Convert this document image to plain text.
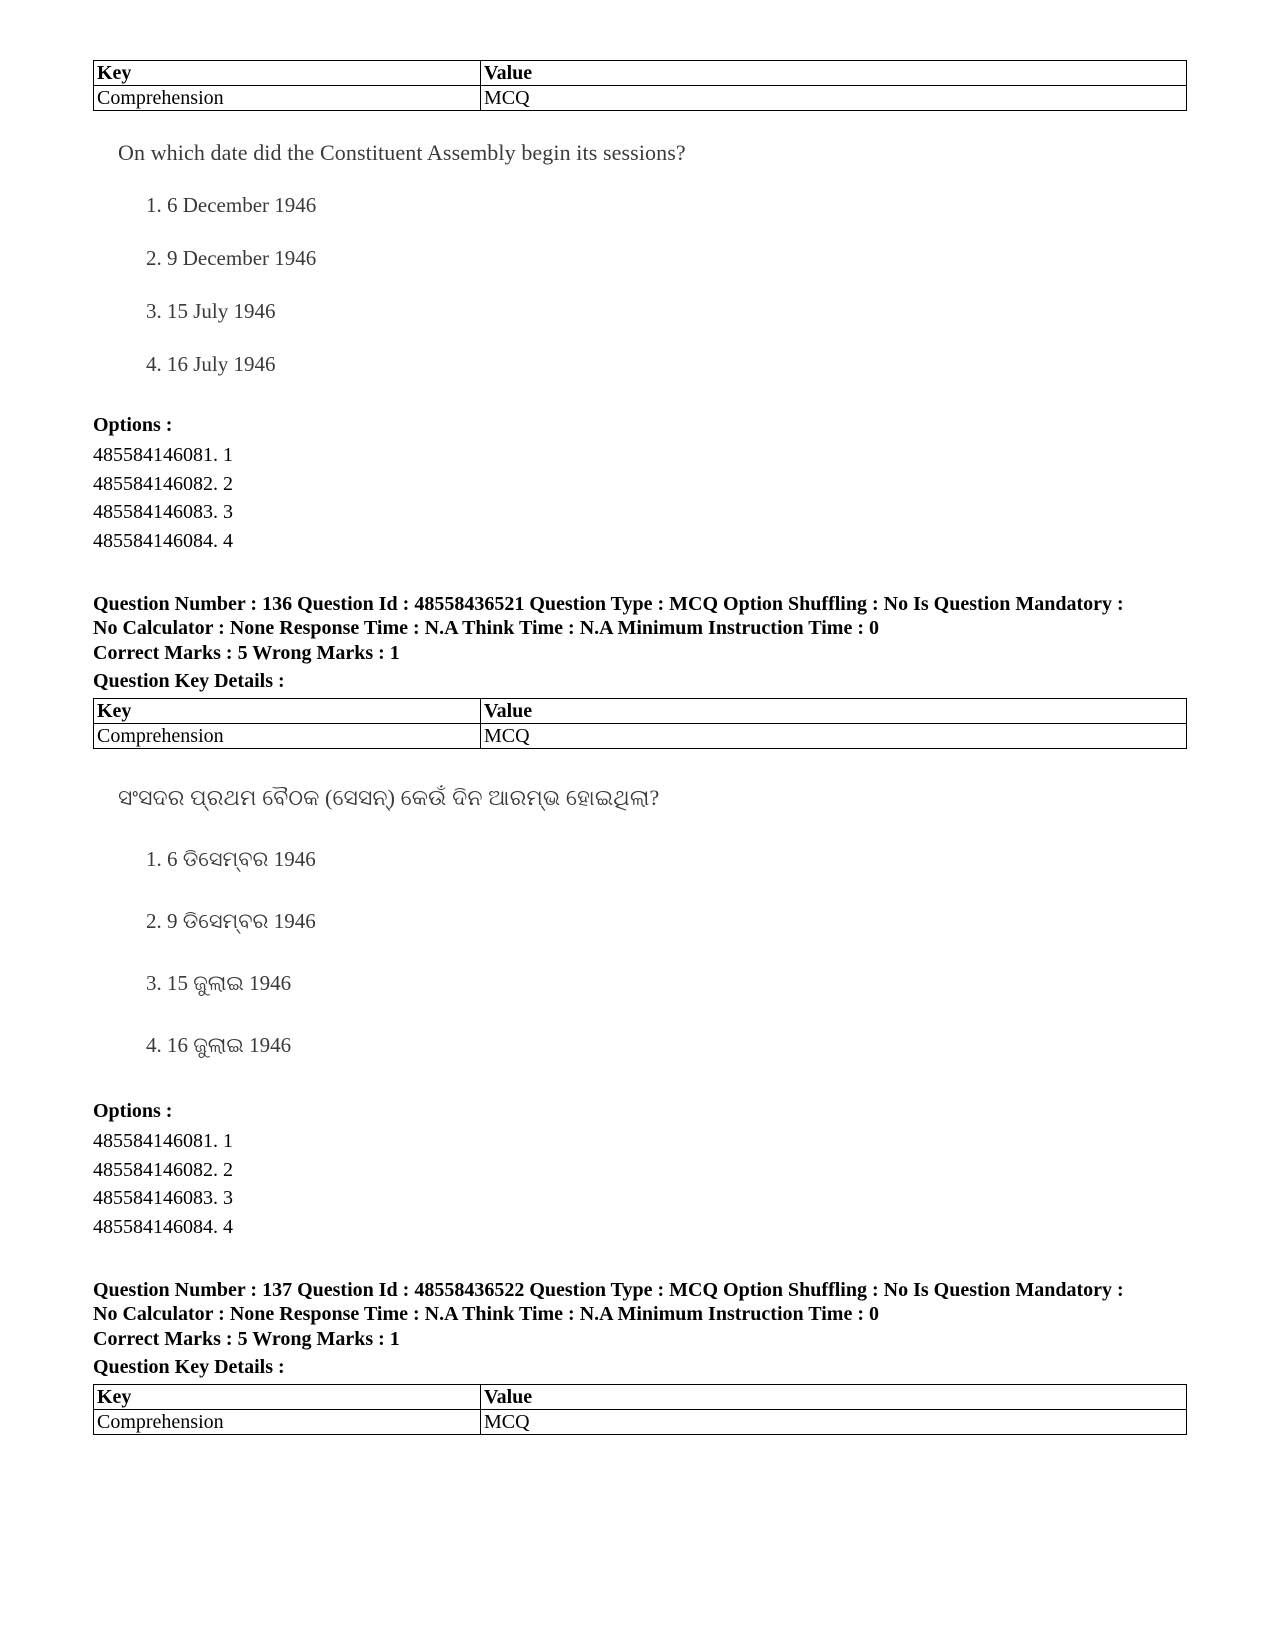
Key	Value
Comprehension	MCQ
On which date did the Constituent Assembly begin its sessions?
1. 6 December 1946
2. 9 December 1946
3. 15 July 1946
4. 16 July 1946
Options :
485584146081. 1
485584146082. 2
485584146083. 3
485584146084. 4
Question Number : 136 Question Id : 48558436521 Question Type : MCQ Option Shuffling : No Is Question Mandatory :
No Calculator : None Response Time : N.A Think Time : N.A Minimum Instruction Time : 0
Correct Marks : 5 Wrong Marks : 1
Question Key Details :
Key	Value
Comprehension	MCQ
ସଂସଦର ପ୍ରଥମ ବୈଠକ (ସେସନ୍) କେଉଁ ଦିନ ଆରମ୍ଭ ହୋଇଥିଲା?
1. 6 ଡିସେମ୍ବର 1946
2. 9 ଡିସେମ୍ବର 1946
3. 15 ଜୁଲାଇ 1946
4. 16 ଜୁଲାଇ 1946
Options :
485584146081. 1
485584146082. 2
485584146083. 3
485584146084. 4
Question Number : 137 Question Id : 48558436522 Question Type : MCQ Option Shuffling : No Is Question Mandatory :
No Calculator : None Response Time : N.A Think Time : N.A Minimum Instruction Time : 0
Correct Marks : 5 Wrong Marks : 1
Question Key Details :
Key	Value
Comprehension	MCQ
